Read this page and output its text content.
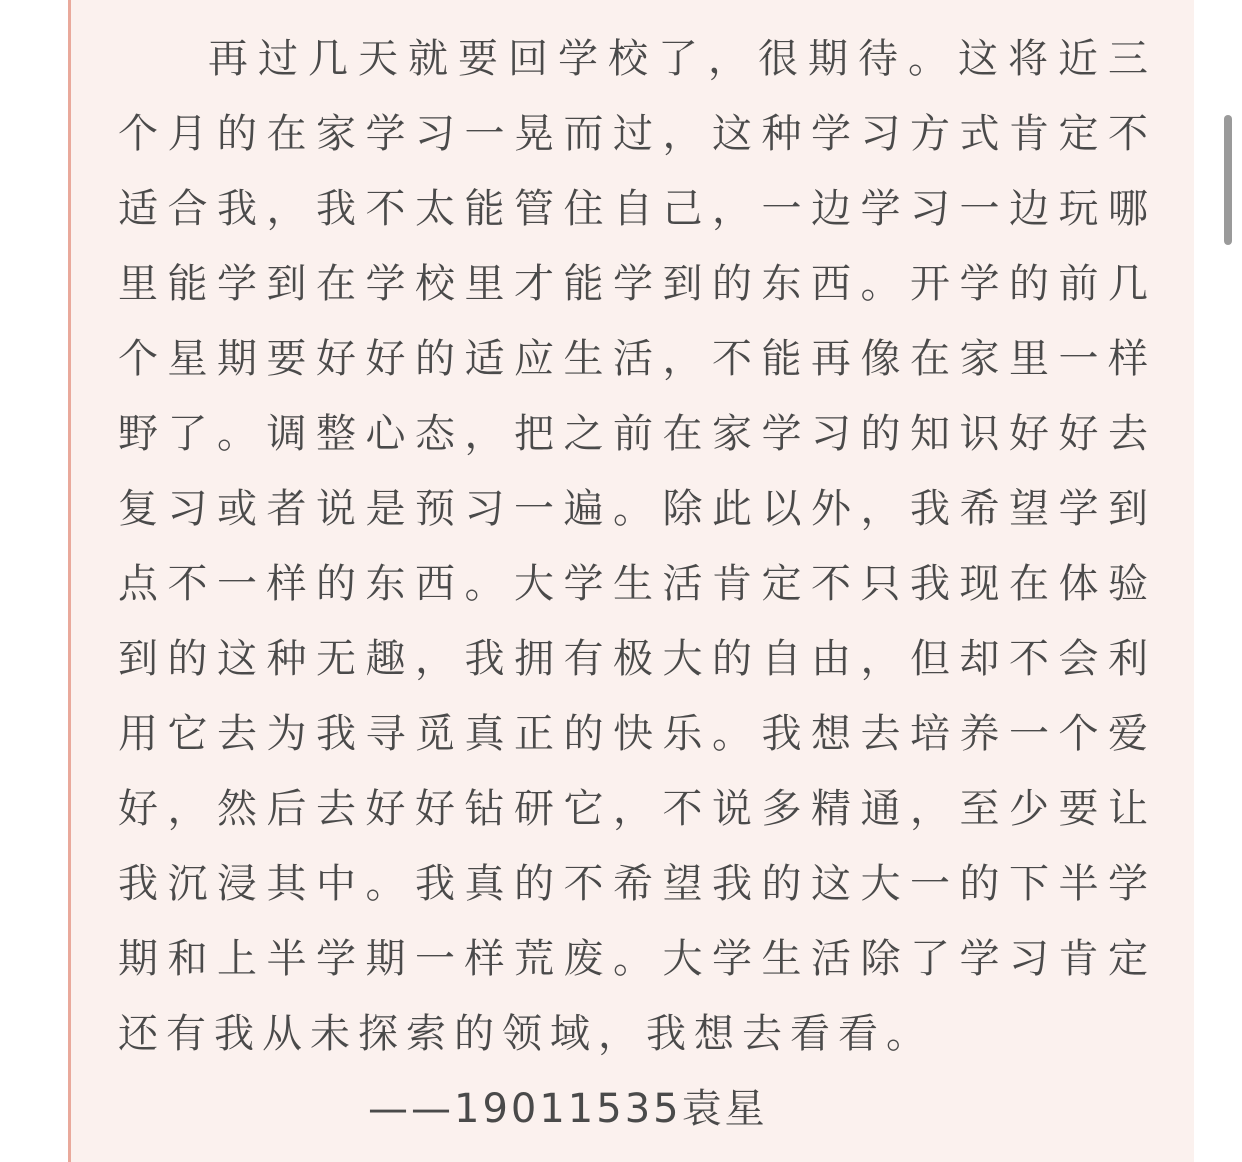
再过几天就要回学校了，很期待。这将近三
个月的在家学习一晃而过，这种学习方式肯定不
适合我，我不太能管住自己，一边学习一边玩哪
里能学到在学校里才能学到的东西。开学的前几
个星期要好好的适应生活，不能再像在家里一样
野了。调整心态，把之前在家学习的知识好好去
复习或者说是预习一遍。除此以外，我希望学到
点不一样的东西。大学生活肯定不只我现在体验
到的这种无趣，我拥有极大的自由，但却不会利
用它去为我寻觅真正的快乐。我想去培养一个爱
好，然后去好好钻研它，不说多精通，至少要让
我沉浸其中。我真的不希望我的这大一的下半学
期和上半学期一样荒废。大学生活除了学习肯定
还有我从未探索的领域，我想去看看。
——19011535袁星
